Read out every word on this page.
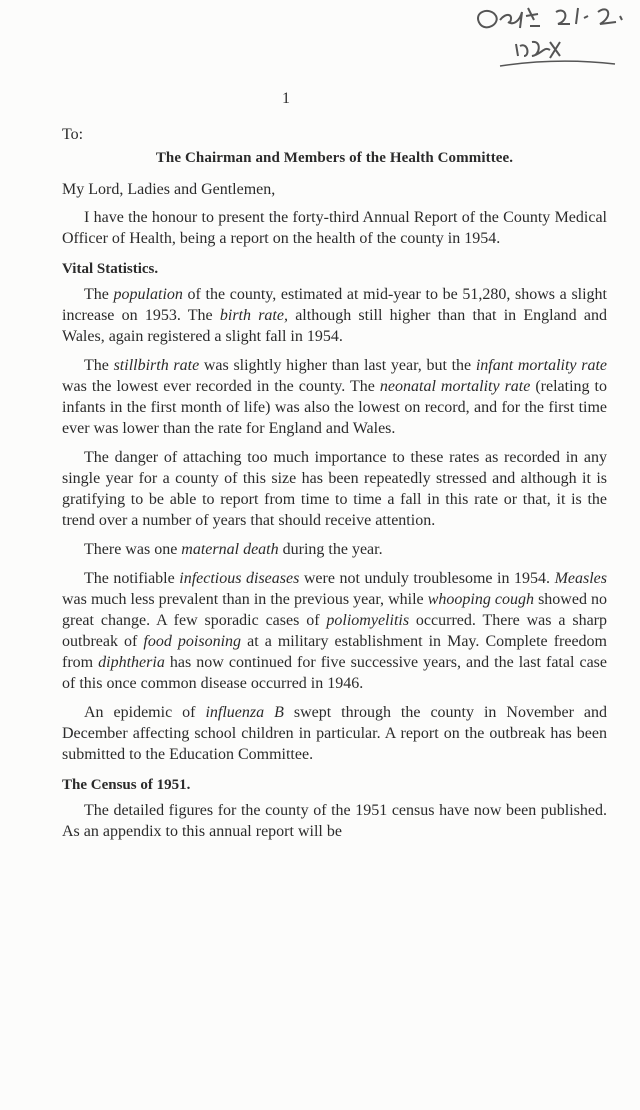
1
To:
The Chairman and Members of the Health Committee.
My Lord, Ladies and Gentlemen,

I have the honour to present the forty-third Annual Report of the County Medical Officer of Health, being a report on the health of the county in 1954.

Vital Statistics.

The population of the county, estimated at mid-year to be 51,280, shows a slight increase on 1953. The birth rate, although still higher than that in England and Wales, again registered a slight fall in 1954.

The stillbirth rate was slightly higher than last year, but the infant mortality rate was the lowest ever recorded in the county. The neonatal mortality rate (relating to infants in the first month of life) was also the lowest on record, and for the first time ever was lower than the rate for England and Wales.

The danger of attaching too much importance to these rates as recorded in any single year for a county of this size has been repeatedly stressed and although it is gratifying to be able to report from time to time a fall in this rate or that, it is the trend over a number of years that should receive attention.

There was one maternal death during the year.

The notifiable infectious diseases were not unduly troublesome in 1954. Measles was much less prevalent than in the previous year, while whooping cough showed no great change. A few sporadic cases of poliomyelitis occurred. There was a sharp outbreak of food poisoning at a military establishment in May. Complete freedom from diphtheria has now continued for five successive years, and the last fatal case of this once common disease occurred in 1946.

An epidemic of influenza B swept through the county in November and December affecting school children in particular. A report on the outbreak has been submitted to the Education Committee.

The Census of 1951.

The detailed figures for the county of the 1951 census have now been published. As an appendix to this annual report will be
